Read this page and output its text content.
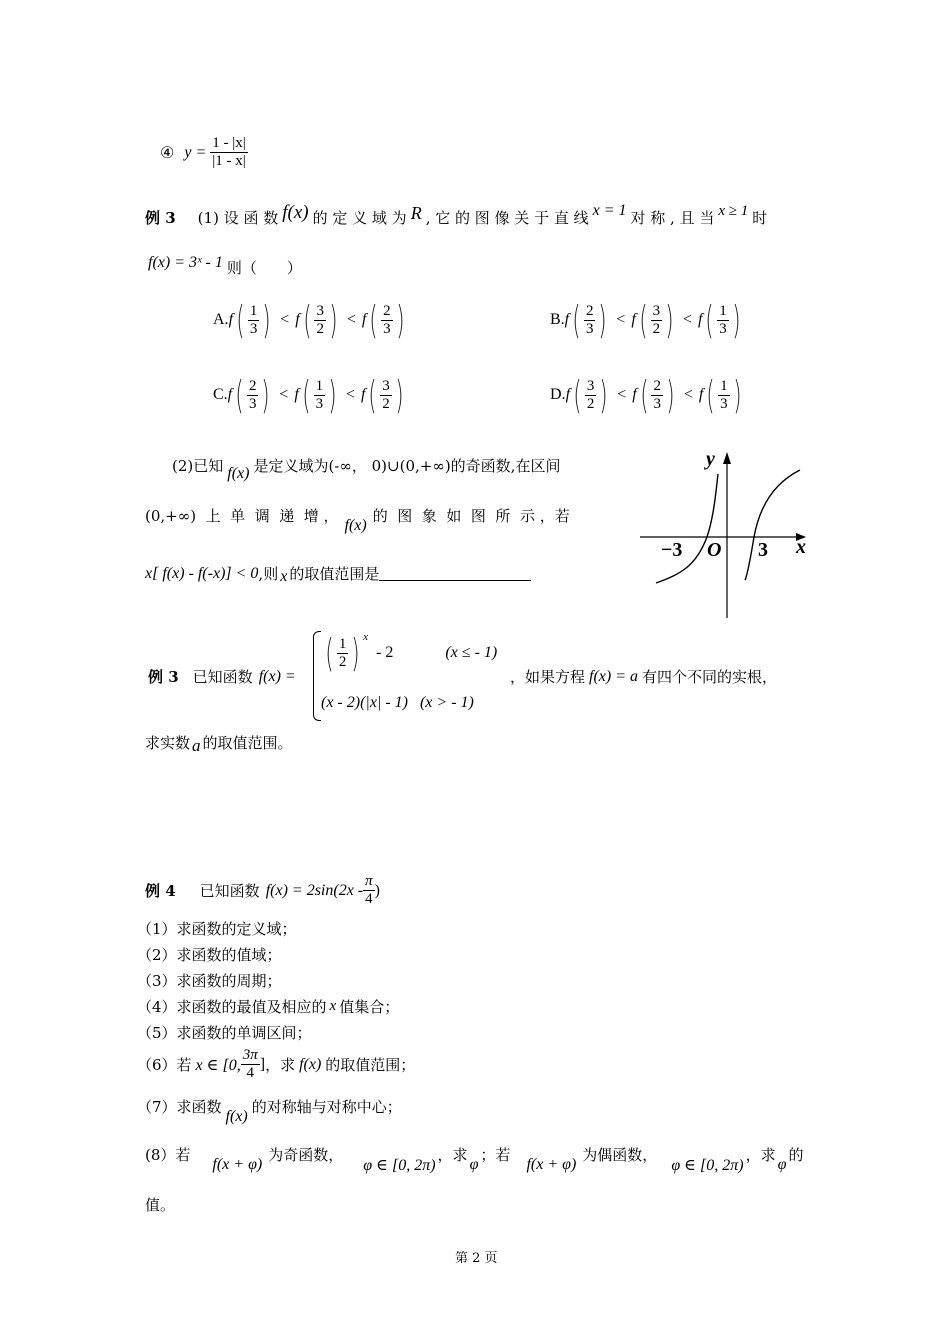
④ $y = \frac{1 - |x|}{|1 - x|}$
例 3 (1) 设 函 数 f(x) 的 定 义 域 为 R , 它 的 图 像 关 于 直 线 x = 1 对 称 , 且 当 x ≥ 1 时
f(x) = 3ˣ - 1 则（　　）
A. f ( $\frac{1}{3}$ ) < f ( $\frac{3}{2}$ ) < f ( $\frac{2}{3}$ )	B. f ( $\frac{2}{3}$ ) < f ( $\frac{3}{2}$ ) < f ( $\frac{1}{3}$ )
C. f ( $\frac{2}{3}$ ) < f ( $\frac{1}{3}$ ) < f ( $\frac{3}{2}$ )	D. f ( $\frac{3}{2}$ ) < f ( $\frac{2}{3}$ ) < f ( $\frac{1}{3}$ )
(2)已知 f(x) 是定义域为(-∞， 0)∪(0,+∞)的奇函数,在区间
(0,+∞)  上  单  调  递  增 ， f(x) 的  图  象  如  图  所  示 ，若
x[ f(x) - f(-x)] < 0 ,则 x 的取值范围是
y
x
O
−3	3
例 3 已知函数 f(x) =
( $\frac{1}{2}$ ) x
- 2	(x ≤ - 1)
(x - 2)(|x| - 1) (x > - 1)
，如果方程 f(x) = a 有四个不同的实根，
求实数 a 的取值范围。
例 4 已知函数 $f(x) = 2\sin(2x - \frac{\pi}{4}$ )
（1）求函数的定义域；
（2）求函数的值域；
（3）求函数的周期；
（4）求函数的最值及相应的 x 值集合；
（5）求函数的单调区间；
（6）若 x ∈ [0, $\frac{3\pi}{4}$ ] ，求 f(x) 的取值范围；
（7）求函数 f(x) 的对称轴与对称中心；
(8）若 f(x + φ) 为奇函数，
φ ∈ [0, 2π)
，求 φ ；若 f(x + φ) 为偶函数，
φ ∈ [0, 2π)
，求 φ 的
值。
第 2 页
